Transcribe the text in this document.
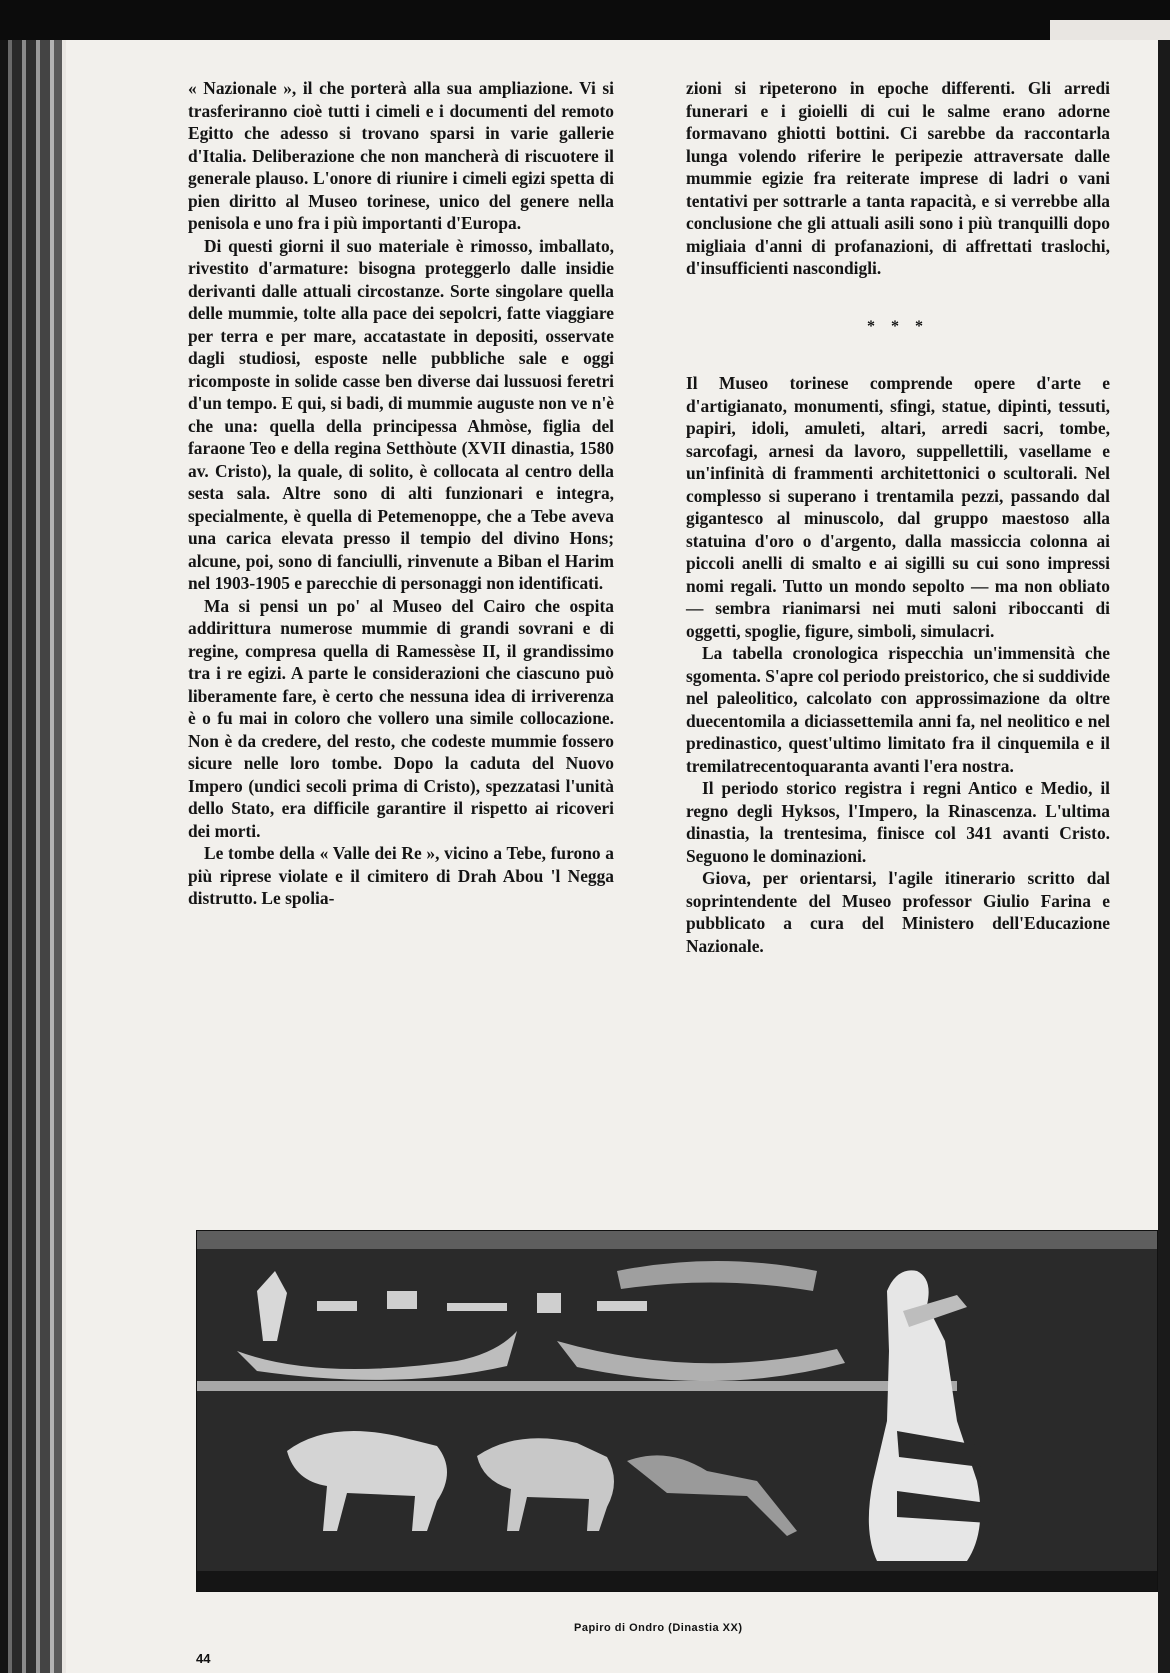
« Nazionale », il che porterà alla sua ampliazione. Vi si trasferiranno cioè tutti i cimeli e i documenti del remoto Egitto che adesso si trovano sparsi in varie gallerie d'Italia. Deliberazione che non mancherà di riscuotere il generale plauso. L'onore di riunire i cimeli egizi spetta di pien diritto al Museo torinese, unico del genere nella penisola e uno fra i più importanti d'Europa.

Di questi giorni il suo materiale è rimosso, imballato, rivestito d'armature: bisogna proteggerlo dalle insidie derivanti dalle attuali circostanze. Sorte singolare quella delle mummie, tolte alla pace dei sepolcri, fatte viaggiare per terra e per mare, accatastate in depositi, osservate dagli studiosi, esposte nelle pubbliche sale e oggi ricomposte in solide casse ben diverse dai lussuosi feretri d'un tempo. E qui, si badi, di mummie auguste non ve n'è che una: quella della principessa Ahmòse, figlia del faraone Teo e della regina Setthòute (XVII dinastia, 1580 av. Cristo), la quale, di solito, è collocata al centro della sesta sala. Altre sono di alti funzionari e integra, specialmente, è quella di Petemenoppe, che a Tebe aveva una carica elevata presso il tempio del divino Hons; alcune, poi, sono di fanciulli, rinvenute a Biban el Harim nel 1903-1905 e parecchie di personaggi non identificati.

Ma si pensi un po' al Museo del Cairo che ospita addirittura numerose mummie di grandi sovrani e di regine, compresa quella di Ramessèse II, il grandissimo tra i re egizi. A parte le considerazioni che ciascuno può liberamente fare, è certo che nessuna idea di irriverenza è o fu mai in coloro che vollero una simile collocazione. Non è da credere, del resto, che codeste mummie fossero sicure nelle loro tombe. Dopo la caduta del Nuovo Impero (undici secoli prima di Cristo), spezzatasi l'unità dello Stato, era difficile garantire il rispetto ai ricoveri dei morti.

Le tombe della « Valle dei Re », vicino a Tebe, furono a più riprese violate e il cimitero di Drah Abou 'l Negga distrutto. Le spolia-

zioni si ripeterono in epoche differenti. Gli arredi funerari e i gioielli di cui le salme erano adorne formavano ghiotti bottini. Ci sarebbe da raccontarla lunga volendo riferire le peripezie attraversate dalle mummie egizie fra reiterate imprese di ladri o vani tentativi per sottrarle a tanta rapacità, e si verrebbe alla conclusione che gli attuali asili sono i più tranquilli dopo migliaia d'anni di profanazioni, di affrettati traslochi, d'insufficienti nascondigli.

* * *

Il Museo torinese comprende opere d'arte e d'artigianato, monumenti, sfingi, statue, dipinti, tessuti, papiri, idoli, amuleti, altari, arredi sacri, tombe, sarcofagi, arnesi da lavoro, suppellettili, vasellame e un'infinità di frammenti architettonici o scultorali. Nel complesso si superano i trentamila pezzi, passando dal gigantesco al minuscolo, dal gruppo maestoso alla statuina d'oro o d'argento, dalla massiccia colonna ai piccoli anelli di smalto e ai sigilli su cui sono impressi nomi regali. Tutto un mondo sepolto — ma non obliato — sembra rianimarsi nei muti saloni riboccanti di oggetti, spoglie, figure, simboli, simulacri.

La tabella cronologica rispecchia un'immensità che sgomenta. S'apre col periodo preistorico, che si suddivide nel paleolitico, calcolato con approssimazione da oltre duecentomila a diciassettemila anni fa, nel neolitico e nel predinastico, quest'ultimo limitato fra il cinquemila e il tremilatrecentoquaranta avanti l'era nostra.

Il periodo storico registra i regni Antico e Medio, il regno degli Hyksos, l'Impero, la Rinascenza. L'ultima dinastia, la trentesima, finisce col 341 avanti Cristo. Seguono le dominazioni.

Giova, per orientarsi, l'agile itinerario scritto dal soprintendente del Museo professor Giulio Farina e pubblicato a cura del Ministero dell'Educazione Nazionale.

Papiro di Ondro (Dinastia XX)
44
